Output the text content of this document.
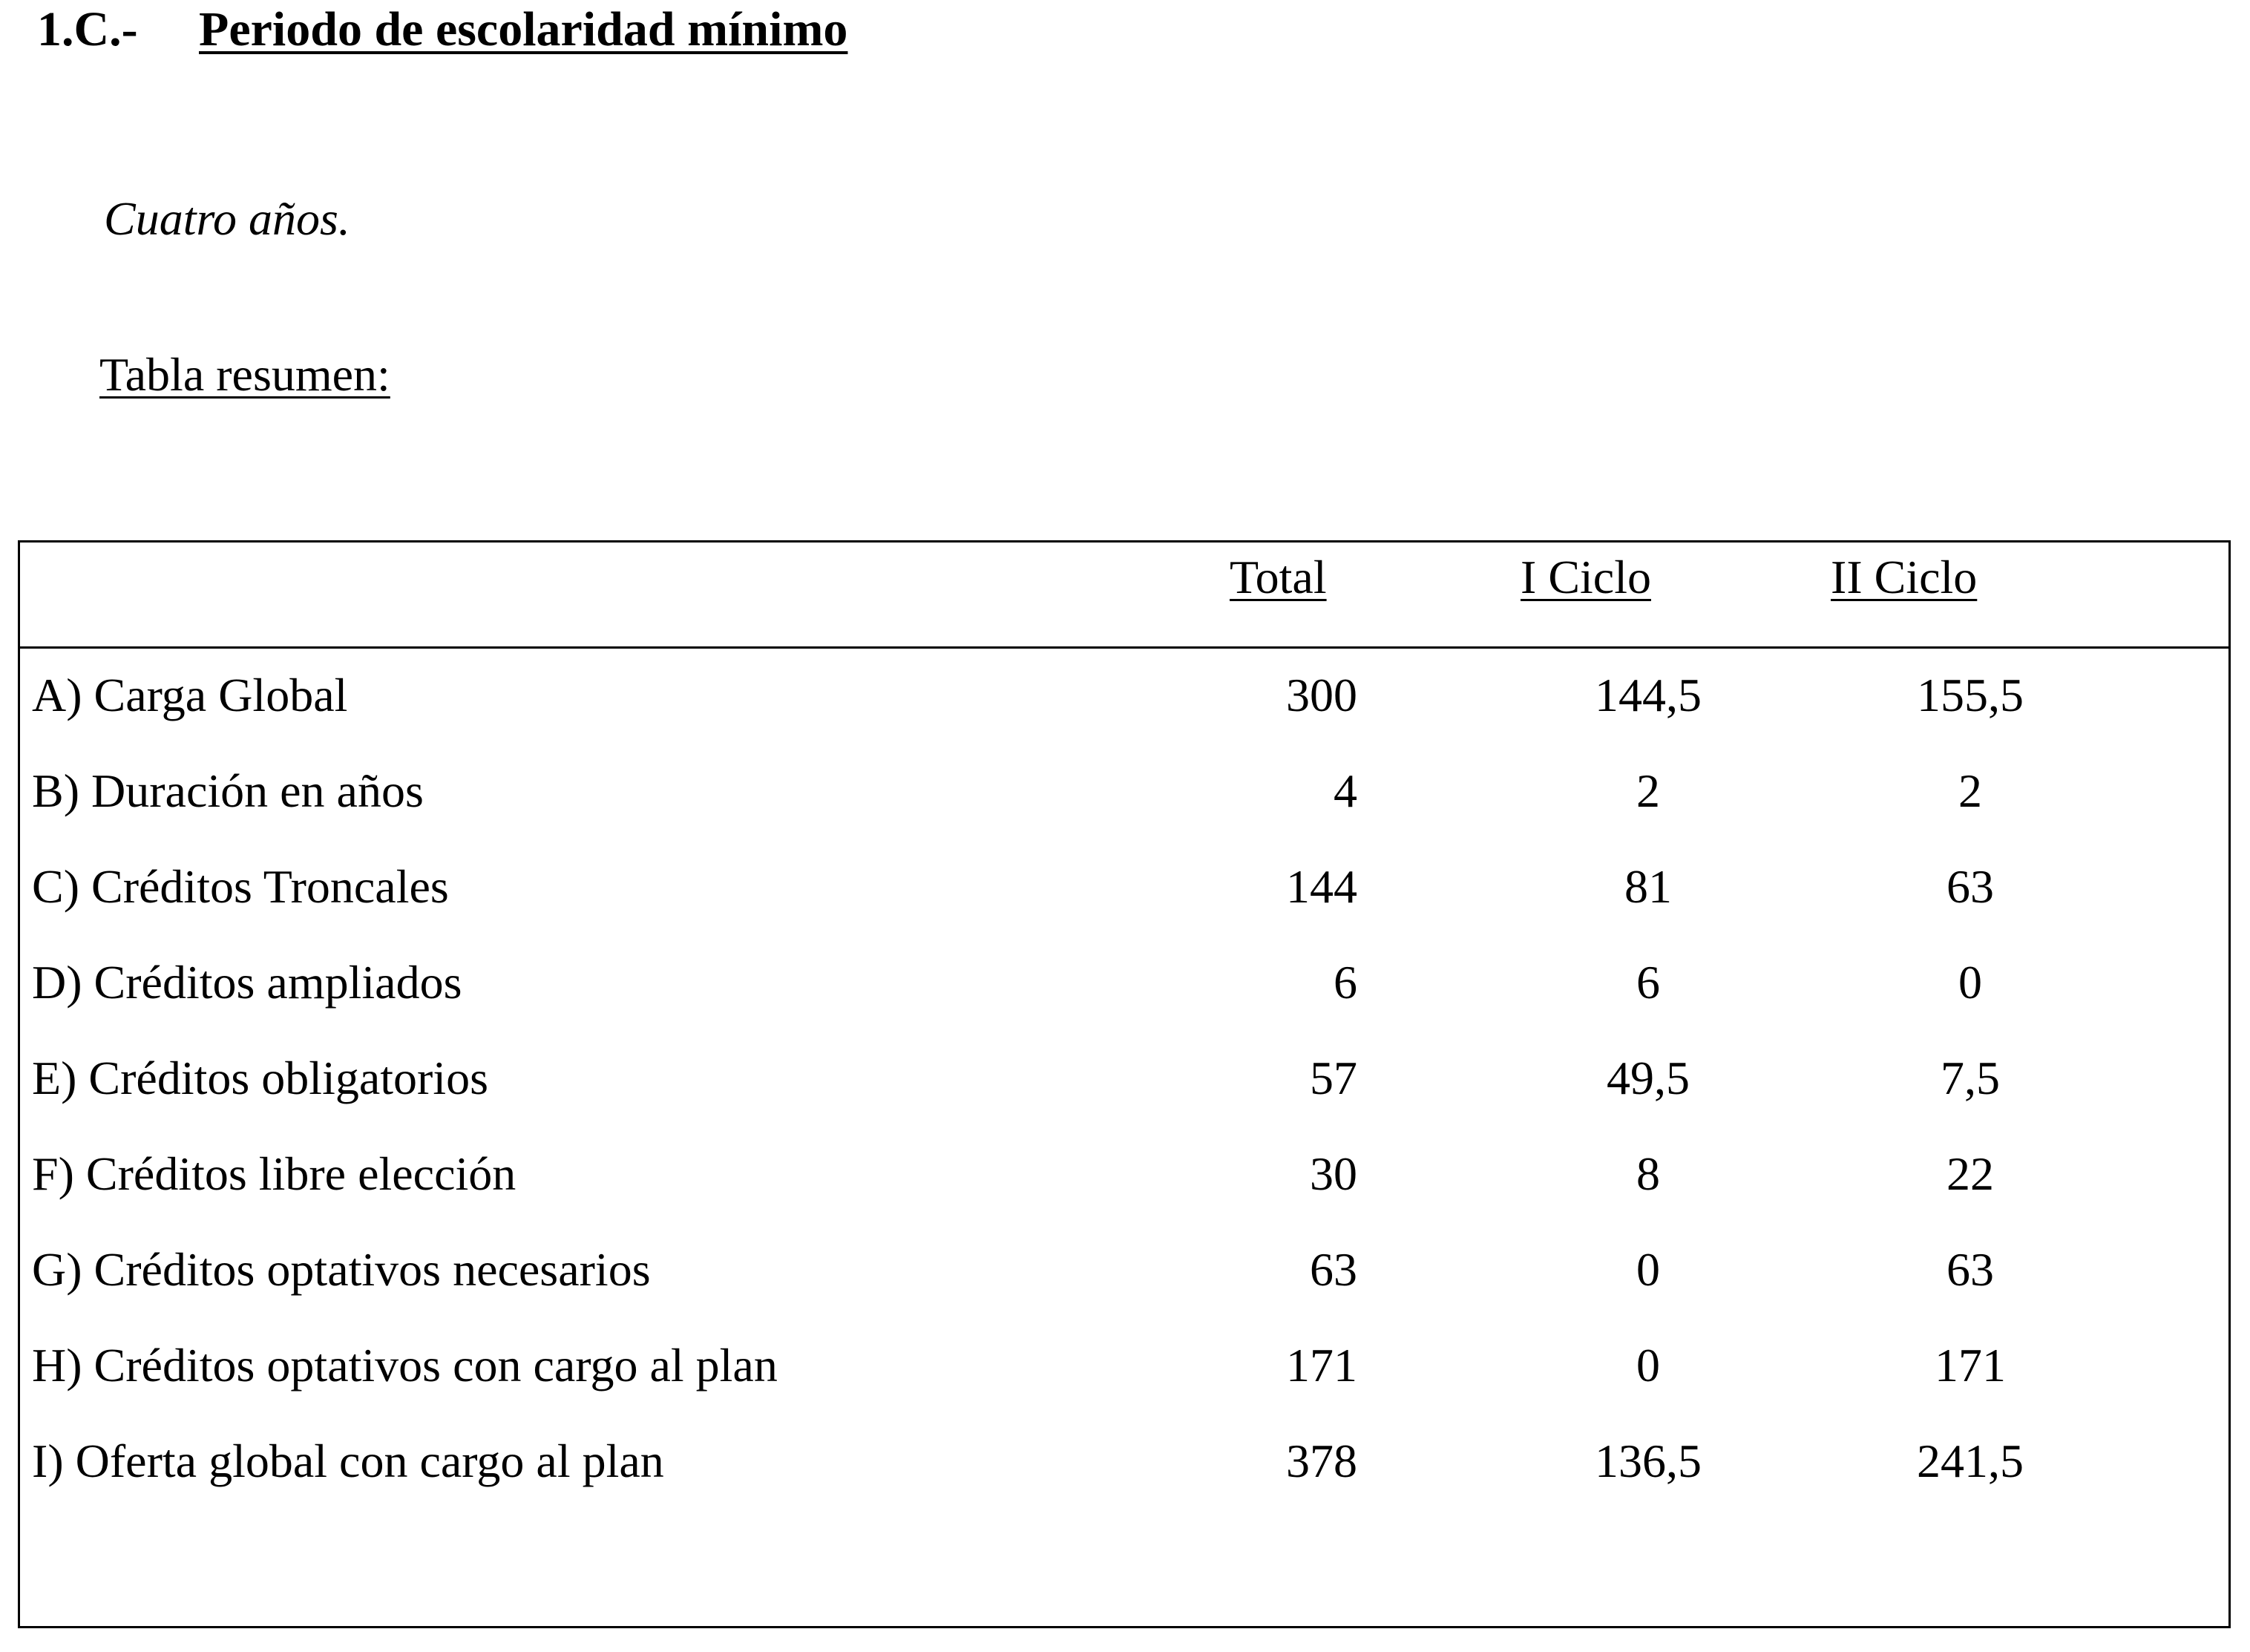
1.C.- Periodo de escolaridad mínimo
Cuatro años.
Tabla resumen:
Total	I Ciclo	II Ciclo
A) Carga Global	300	144,5	155,5
B) Duración en años	4	2	2
C) Créditos Troncales	144	81	63
D) Créditos ampliados	6	6	0
E) Créditos obligatorios	57	49,5	7,5
F) Créditos libre elección	30	8	22
G) Créditos optativos necesarios	63	0	63
H) Créditos optativos con cargo al plan	171	0	171
I) Oferta global con cargo al plan	378	136,5	241,5
